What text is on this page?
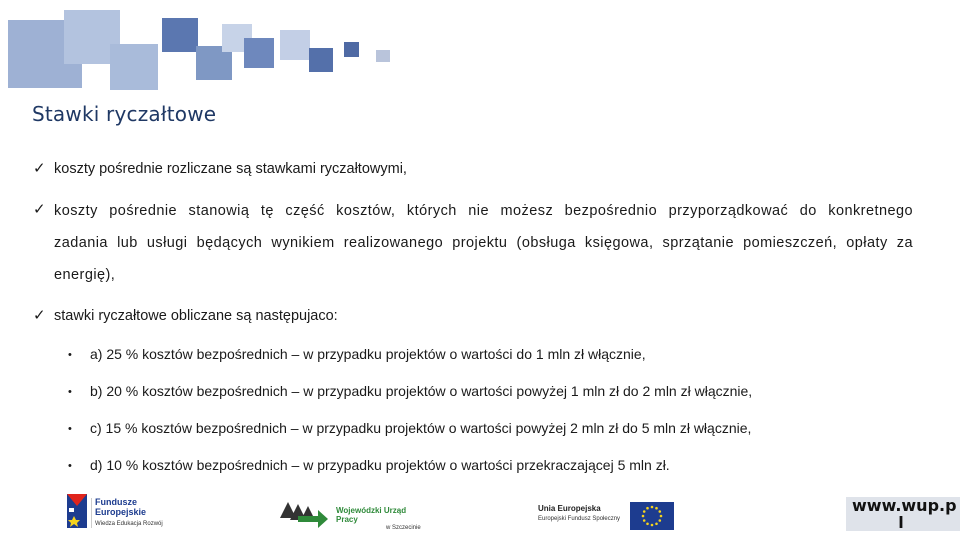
Stawki ryczałtowe
✓ koszty pośrednie rozliczane są stawkami ryczałtowymi,
✓ koszty pośrednie stanowią tę część kosztów, których nie możesz bezpośrednio przyporządkować do konkretnego zadania lub usługi będących wynikiem realizowanego projektu (obsługa księgowa, sprzątanie pomieszczeń, opłaty za energię),
✓ stawki ryczałtowe obliczane są następujaco:
• a) 25 % kosztów bezpośrednich – w przypadku projektów o wartości do 1 mln zł włącznie,
• b) 20 % kosztów bezpośrednich – w przypadku projektów o wartości powyżej 1 mln zł do 2 mln zł włącznie,
• c) 15 % kosztów bezpośrednich – w przypadku projektów o wartości powyżej 2 mln zł do 5 mln zł włącznie,
• d) 10 % kosztów bezpośrednich – w przypadku projektów o wartości przekraczającej 5 mln zł.
Fundusze
Europejskie
Wiedza Edukacja Rozwój
Wojewódzki Urząd Pracy
w Szczecinie
Unia Europejska
Europejski Fundusz Społeczny
www.wup.p
l
